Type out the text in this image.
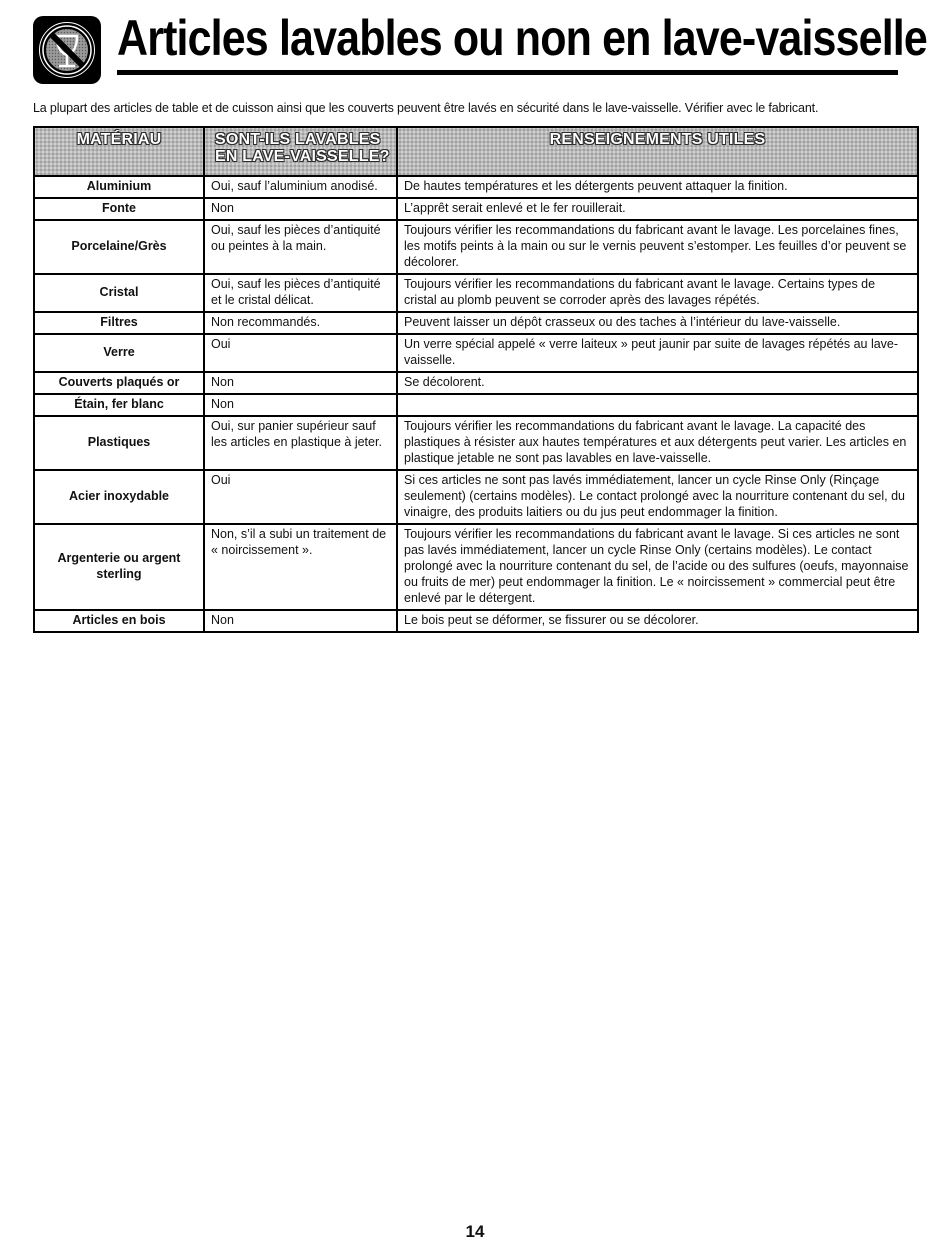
Articles lavables ou non en lave-vaisselle
La plupart des articles de table et de cuisson ainsi que les couverts peuvent être lavés en sécurité dans le lave-vaisselle. Vérifier avec le fabricant.
MATÉRIAU	SONT-ILS LAVABLES EN LAVE-VAISSELLE?	RENSEIGNEMENTS UTILES
Aluminium	Oui, sauf l’aluminium anodisé.	De hautes températures et les détergents peuvent attaquer la finition.
Fonte	Non	L’apprêt serait enlevé et le fer rouillerait.
Porcelaine/Grès	Oui, sauf les pièces d’antiquité ou peintes à la main.	Toujours vérifier les recommandations du fabricant avant le lavage. Les porcelaines fines, les motifs peints à la main ou sur le vernis peuvent s’estomper. Les feuilles d’or peuvent se décolorer.
Cristal	Oui, sauf les pièces d’antiquité et le cristal délicat.	Toujours vérifier les recommandations du fabricant avant le lavage. Certains types de cristal au plomb peuvent se corroder après des lavages répétés.
Filtres	Non recommandés.	Peuvent laisser un dépôt crasseux ou des taches à l’intérieur du lave-vaisselle.
Verre	Oui	Un verre spécial appelé « verre laiteux » peut jaunir par suite de lavages répétés au lave-vaisselle.
Couverts plaqués or	Non	Se décolorent.
Étain, fer blanc	Non	
Plastiques	Oui, sur panier supérieur sauf les articles en plastique à jeter.	Toujours vérifier les recommandations du fabricant avant le lavage. La capacité des plastiques à résister aux hautes températures et aux détergents peut varier. Les articles en plastique jetable ne sont pas lavables en lave-vaisselle.
Acier inoxydable	Oui	Si ces articles ne sont pas lavés immédiatement, lancer un cycle Rinse Only (Rinçage seulement) (certains modèles). Le contact prolongé avec la nourriture contenant du sel, du vinaigre, des produits laitiers ou du jus peut endommager la finition.
Argenterie ou argent sterling	Non, s’il a subi un traitement de « noircissement ».	Toujours vérifier les recommandations du fabricant avant le lavage. Si ces articles ne sont pas lavés immédiatement, lancer un cycle Rinse Only (certains modèles). Le contact prolongé avec la nourriture contenant du sel, de l’acide ou des sulfures (oeufs, mayonnaise ou fruits de mer) peut endommager la finition. Le « noircissement » commercial peut être enlevé par le détergent.
Articles en bois	Non	Le bois peut se déformer, se fissurer ou se décolorer.
14
